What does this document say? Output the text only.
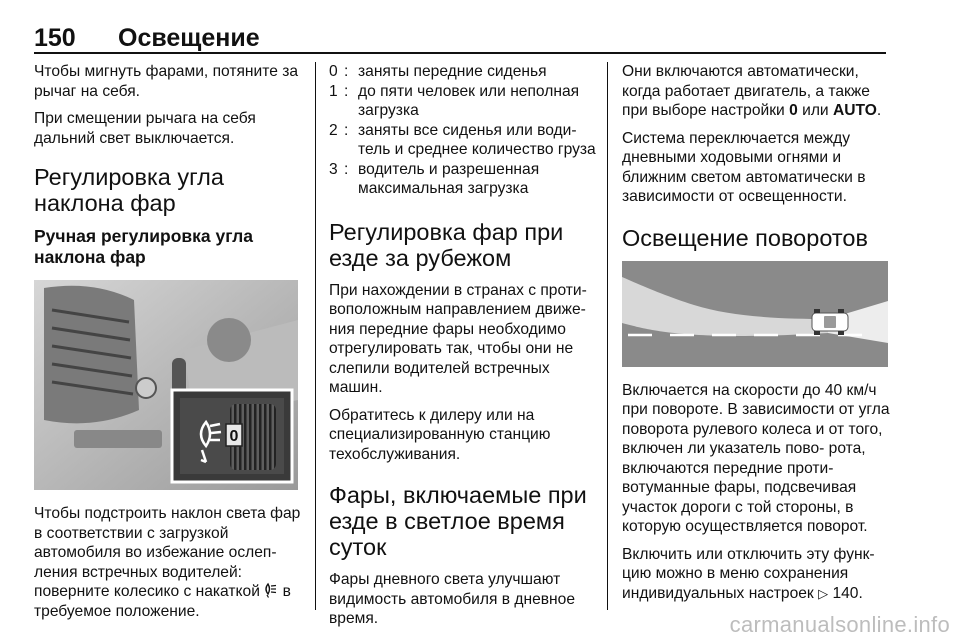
150 Освещение

Чтобы мигнуть фарами, потяните за рычаг на себя.

При смещении рычага на себя дальний свет выключается.

Регулировка угла наклона фар
Ручная регулировка угла наклона фар
0

Чтобы подстроить наклон света фар в соответствии с загрузкой автомобиля во избежание ослеп- ления встречных водителей: поверните колесико с накаткой в требуемое положение.

0 : заняты передние сиденья
1 : до пяти человек или неполная загрузка
2 : заняты все сиденья или води- тель и среднее количество груза
3 : водитель и разрешенная максимальная загрузка
Регулировка фар при езде за рубежом

При нахождении в странах с проти- воположным направлением движе- ния передние фары необходимо отрегулировать так, чтобы они не слепили водителей встречных машин.

Обратитесь к дилеру или на специализированную станцию техобслуживания.

Фары, включаемые при езде в светлое время суток

Фары дневного света улучшают видимость автомобиля в дневное время.

Они включаются автоматически, когда работает двигатель, а также при выборе настройки 0 или AUTO.

Система переключается между дневными ходовыми огнями и ближним светом автоматически в зависимости от освещенности.

Освещение поворотов

Включается на скорости до 40 км/ч при повороте. В зависимости от угла поворота рулевого колеса и от того, включен ли указатель пово- рота, включаются передние проти- вотуманные фары, подсвечивая участок дороги с той стороны, в которую осуществляется поворот.

Включить или отключить эту функ- цию можно в меню сохранения индивидуальных настроек ▷ 140.

carmanualsonline.info
